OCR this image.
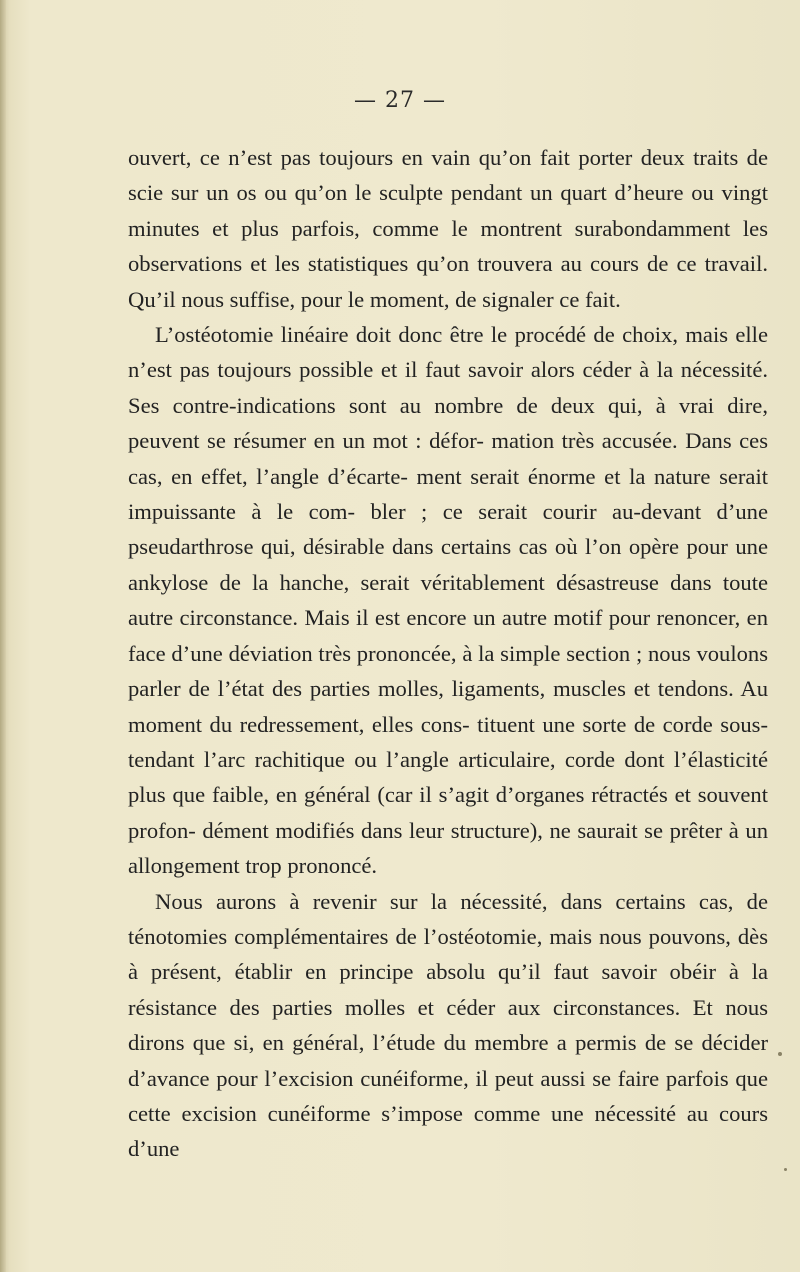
— 27 —

ouvert, ce n’est pas toujours en vain qu’on fait porter deux traits de scie sur un os ou qu’on le sculpte pendant un quart d’heure ou vingt minutes et plus parfois, comme le montrent surabondamment les observations et les statistiques qu’on trouvera au cours de ce travail. Qu’il nous suffise, pour le moment, de signaler ce fait.

L’ostéotomie linéaire doit donc être le procédé de choix, mais elle n’est pas toujours possible et il faut savoir alors céder à la nécessité. Ses contre-indications sont au nombre de deux qui, à vrai dire, peuvent se résumer en un mot : défor- mation très accusée. Dans ces cas, en effet, l’angle d’écarte- ment serait énorme et la nature serait impuissante à le com- bler ; ce serait courir au-devant d’une pseudarthrose qui, désirable dans certains cas où l’on opère pour une ankylose de la hanche, serait véritablement désastreuse dans toute autre circonstance. Mais il est encore un autre motif pour renoncer, en face d’une déviation très prononcée, à la simple section ; nous voulons parler de l’état des parties molles, ligaments, muscles et tendons. Au moment du redressement, elles cons- tituent une sorte de corde sous-tendant l’arc rachitique ou l’angle articulaire, corde dont l’élasticité plus que faible, en général (car il s’agit d’organes rétractés et souvent profon- dément modifiés dans leur structure), ne saurait se prêter à un allongement trop prononcé.

Nous aurons à revenir sur la nécessité, dans certains cas, de ténotomies complémentaires de l’ostéotomie, mais nous pouvons, dès à présent, établir en principe absolu qu’il faut savoir obéir à la résistance des parties molles et céder aux circonstances. Et nous dirons que si, en général, l’étude du membre a permis de se décider d’avance pour l’excision cunéiforme, il peut aussi se faire parfois que cette excision cunéiforme s’impose comme une nécessité au cours d’une
